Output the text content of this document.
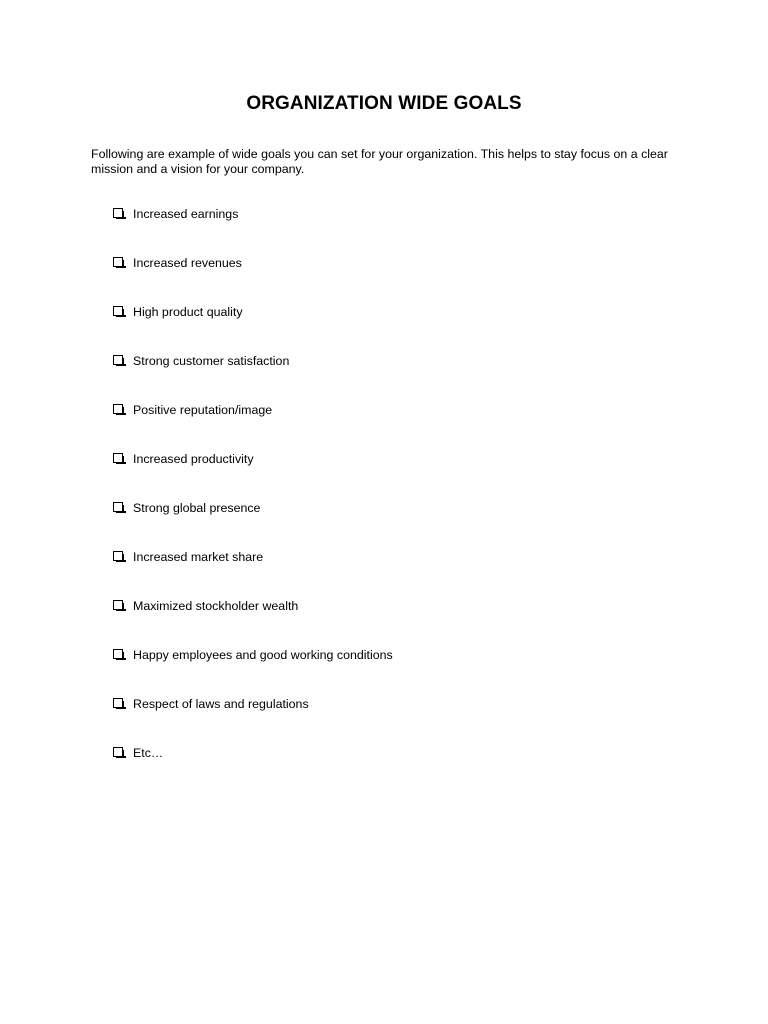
ORGANIZATION WIDE GOALS

Following are example of wide goals you can set for your organization. This helps to stay focus on a clear
mission and a vision for your company.

Increased earnings
Increased revenues
High product quality
Strong customer satisfaction
Positive reputation/image
Increased productivity
Strong global presence
Increased market share
Maximized stockholder wealth
Happy employees and good working conditions
Respect of laws and regulations
Etc…
